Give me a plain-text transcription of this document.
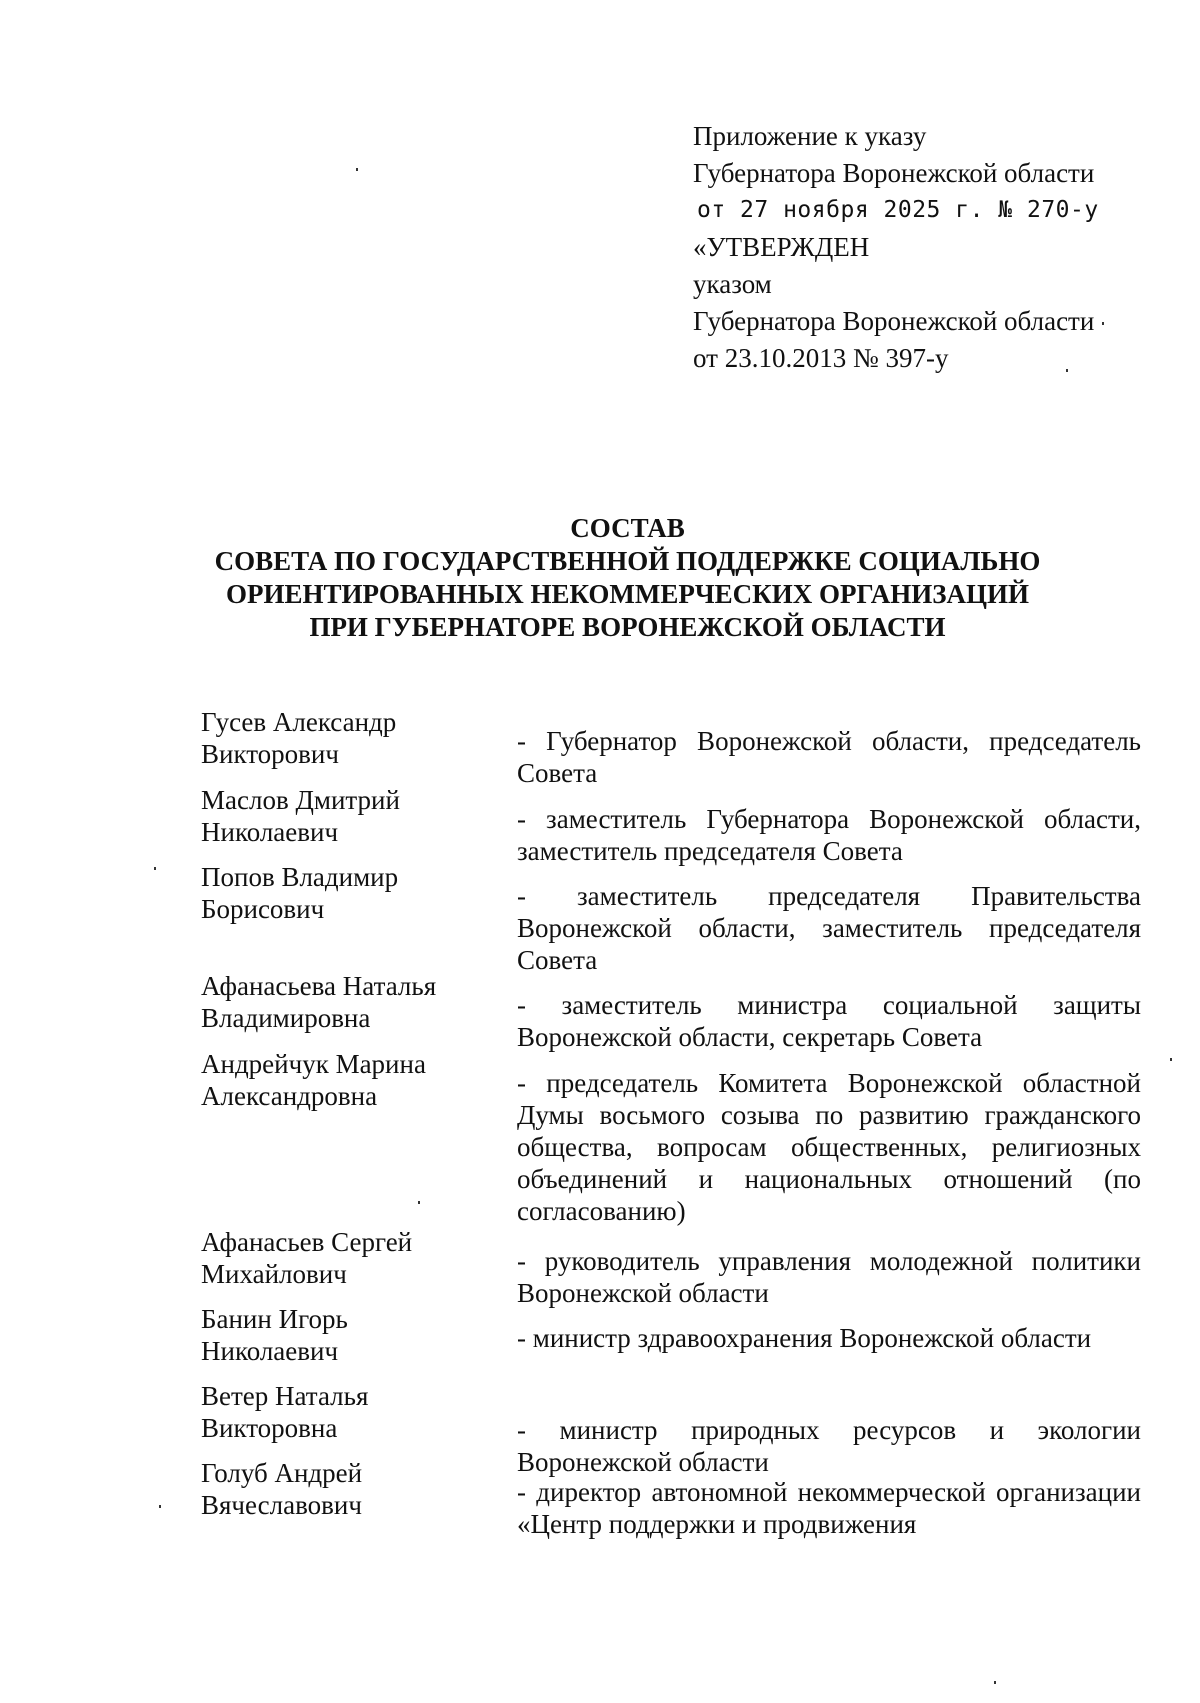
Приложение к указу
Губернатора Воронежской области
от 27 ноября 2025 г. № 270-у
«УТВЕРЖДЕН
указом
Губернатора Воронежской области
от 23.10.2013 № 397-у
СОСТАВ
СОВЕТА ПО ГОСУДАРСТВЕННОЙ ПОДДЕРЖКЕ СОЦИАЛЬНО
ОРИЕНТИРОВАННЫХ НЕКОММЕРЧЕСКИХ ОРГАНИЗАЦИЙ
ПРИ ГУБЕРНАТОРЕ ВОРОНЕЖСКОЙ ОБЛАСТИ
Гусев Александр
Викторович	- Губернатор Воронежской области, председатель Совета
Маслов Дмитрий
Николаевич	- заместитель Губернатора Воронежской области, заместитель председателя Совета
Попов Владимир
Борисович	- заместитель председателя Правительства Воронежской области, заместитель председателя Совета
Афанасьева Наталья
Владимировна	- заместитель министра социальной защиты Воронежской области, секретарь Совета
Андрейчук Марина
Александровна	- председатель Комитета Воронежской областной Думы восьмого созыва по развитию гражданского общества, вопросам общественных, религиозных объединений и национальных отношений (по согласованию)
Афанасьев Сергей
Михайлович	- руководитель управления молодежной политики Воронежской области
Банин Игорь
Николаевич	- министр здравоохранения Воронежской области
Ветер Наталья
Викторовна	- министр природных ресурсов и экологии Воронежской области
Голуб Андрей
Вячеславович	- директор автономной некоммерческой организации «Центр поддержки и продвижения
